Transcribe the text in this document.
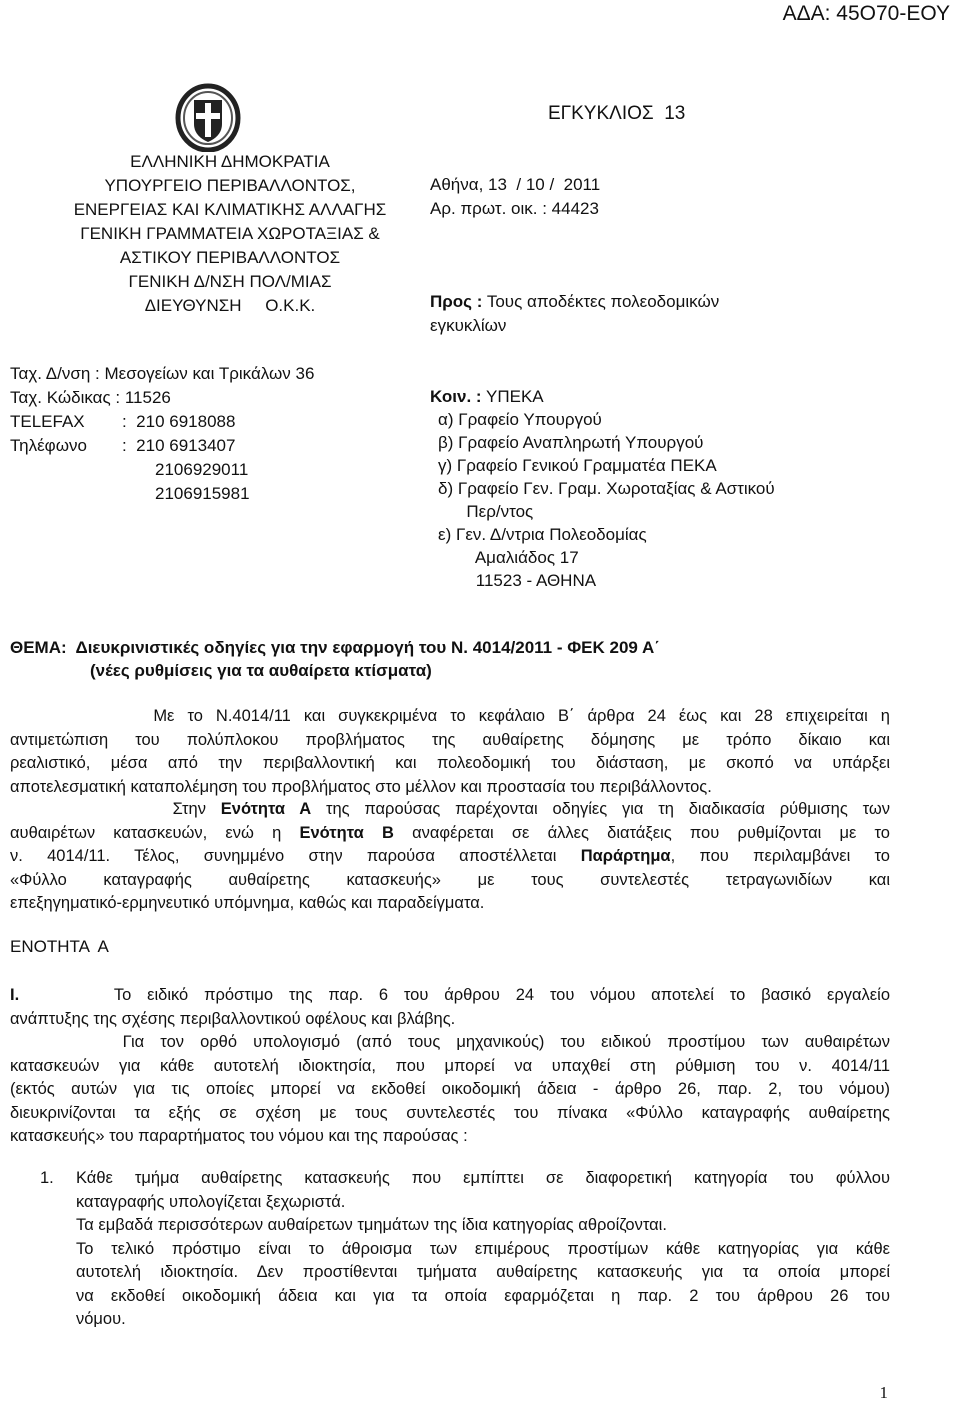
ΑΔΑ: 45Ο70-ΕΟΥ
ΕΛΛΗΝΙΚΗ ΔΗΜΟΚΡΑΤΙΑ
ΥΠΟΥΡΓΕΙΟ ΠΕΡΙΒΑΛΛΟΝΤΟΣ,
ΕΝΕΡΓΕΙΑΣ ΚΑΙ ΚΛΙΜΑΤΙΚΗΣ ΑΛΛΑΓΗΣ
ΓΕΝΙΚΗ ΓΡΑΜΜΑΤΕΙΑ ΧΩΡΟΤΑΞΙΑΣ &
ΑΣΤΙΚΟΥ ΠΕΡΙΒΑΛΛΟΝΤΟΣ
ΓΕΝΙΚΗ Δ/ΝΣΗ ΠΟΛ/ΜΙΑΣ
ΔΙΕΥΘΥΝΣΗ     Ο.Κ.Κ.
Ταχ. Δ/νση : Μεσογείων και Τρικάλων 36
Ταχ. Κώδικας : 11526
TELEFAX	:  210 6918088
Τηλέφωνο	:  210 6913407
2106929011
2106915981
ΕΓΚΥΚΛΙΟΣ  13
Αθήνα, 13  / 10 /  2011
Αρ. πρωτ. οικ. : 44423
Προς : Τους αποδέκτες πολεοδομικών
εγκυκλίων
Κοιν. : ΥΠΕΚΑ
α) Γραφείο Υπουργού
β) Γραφείο Αναπληρωτή Υπουργού
γ) Γραφείο Γενικού Γραμματέα ΠΕΚΑ
δ) Γραφείο Γεν. Γραμ. Χωροταξίας & Αστικού
Περ/ντος
ε) Γεν. Δ/ντρια Πολεοδομίας
Αμαλιάδος 17
11523 - ΑΘΗΝΑ
ΘΕΜΑ:  Διευκρινιστικές οδηγίες για την εφαρμογή του Ν. 4014/2011 - ΦΕΚ 209 Α΄
(νέες ρυθμίσεις για τα αυθαίρετα κτίσματα)
Με το Ν.4014/11 και συγκεκριμένα το κεφάλαιο Β΄ άρθρα 24 έως και 28 επιχειρείται η
αντιμετώπιση του πολύπλοκου προβλήματος της αυθαίρετης δόμησης με τρόπο δίκαιο και
ρεαλιστικό, μέσα από την περιβαλλοντική και πολεοδομική του διάσταση, με σκοπό να υπάρξει
αποτελεσματική καταπολέμηση του προβλήματος στο μέλλον και προστασία του περιβάλλοντος.
Στην Ενότητα Α της παρούσας παρέχονται οδηγίες για τη διαδικασία ρύθμισης των
αυθαιρέτων κατασκευών, ενώ η Ενότητα Β αναφέρεται σε άλλες διατάξεις που ρυθμίζονται με το
ν. 4014/11. Τέλος, συνημμένο στην παρούσα αποστέλλεται Παράρτημα, που περιλαμβάνει το
«Φύλλο καταγραφής αυθαίρετης κατασκευής» με τους συντελεστές τετραγωνιδίων και
επεξηγηματικό-ερμηνευτικό υπόμνημα, καθώς και παραδείγματα.
ΕΝΟΤΗΤΑ  Α
Ι.      Το ειδικό πρόστιμο της παρ. 6 του άρθρου 24 του νόμου αποτελεί το βασικό εργαλείο
ανάπτυξης της σχέσης περιβαλλοντικού οφέλους και βλάβης.
Για τον ορθό υπολογισμό (από τους μηχανικούς) του ειδικού προστίμου των αυθαιρέτων
κατασκευών για κάθε αυτοτελή ιδιοκτησία, που μπορεί να υπαχθεί στη ρύθμιση του ν. 4014/11
(εκτός αυτών για τις οποίες μπορεί να εκδοθεί οικοδομική άδεια - άρθρο 26, παρ. 2, του νόμου)
διευκρινίζονται τα εξής σε σχέση με τους συντελεστές του πίνακα «Φύλλο καταγραφής αυθαίρετης
κατασκευής» του παραρτήματος του νόμου και της παρούσας :
1. Κάθε τμήμα αυθαίρετης κατασκευής που εμπίπτει σε διαφορετική κατηγορία του φύλλου
καταγραφής υπολογίζεται ξεχωριστά.
Τα εμβαδά περισσότερων αυθαίρετων τμημάτων της ίδια κατηγορίας αθροίζονται.
Το τελικό πρόστιμο είναι το άθροισμα των επιμέρους προστίμων κάθε κατηγορίας για κάθε
αυτοτελή ιδιοκτησία. Δεν προστίθενται τμήματα αυθαίρετης κατασκευής για τα οποία μπορεί
να εκδοθεί οικοδομική άδεια και για τα οποία εφαρμόζεται η παρ. 2 του άρθρου 26 του
νόμου.
1
